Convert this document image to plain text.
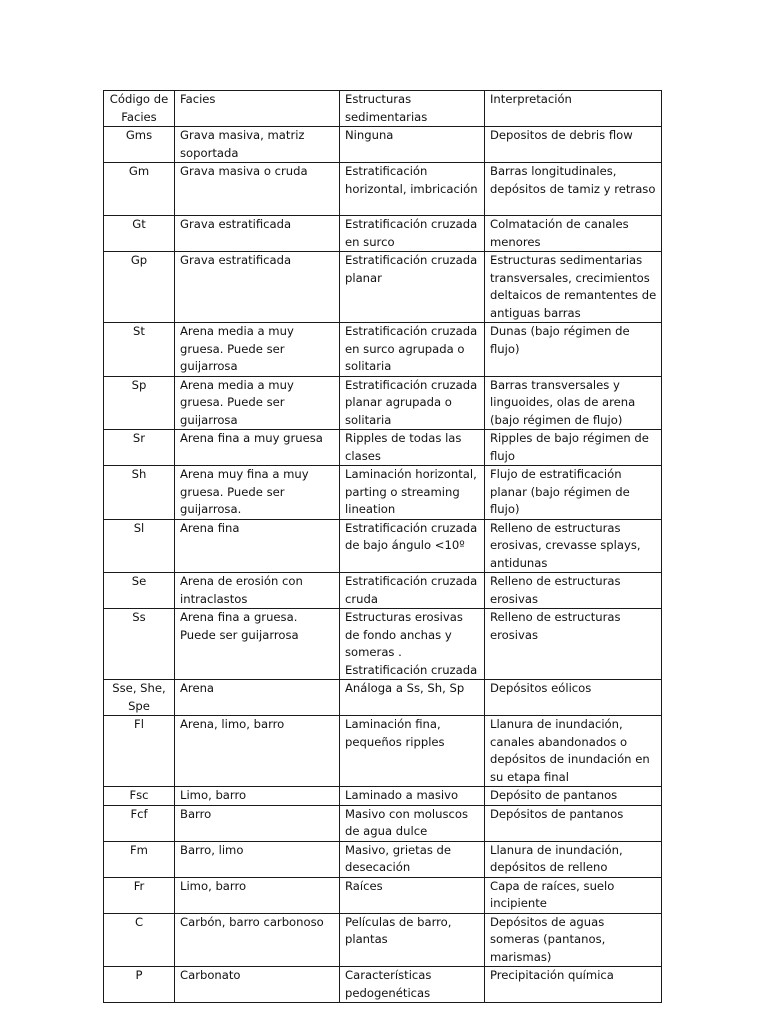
Código de Facies	Facies	Estructuras sedimentarias	Interpretación
Gms	Grava masiva, matriz soportada	Ninguna	Depositos de debris flow
Gm	Grava masiva o cruda	Estratificación horizontal, imbricación	Barras longitudinales, depósitos de tamiz y retraso
Gt	Grava estratificada	Estratificación cruzada en surco	Colmatación de canales menores
Gp	Grava estratificada	Estratificación cruzada planar	Estructuras sedimentarias transversales, crecimientos deltaicos de remantentes de antiguas barras
St	Arena media a muy gruesa. Puede ser guijarrosa	Estratificación cruzada en surco agrupada o solitaria	Dunas (bajo régimen de flujo)
Sp	Arena media a muy gruesa. Puede ser guijarrosa	Estratificación cruzada planar agrupada o solitaria	Barras transversales y linguoides, olas de arena (bajo régimen de flujo)
Sr	Arena fina a muy gruesa	Ripples de todas las clases	Ripples de bajo régimen de flujo
Sh	Arena muy fina a muy gruesa. Puede ser guijarrosa.	Laminación horizontal, parting o streaming lineation	Flujo de estratificación planar (bajo régimen de flujo)
Sl	Arena fina	Estratificación cruzada de bajo ángulo <10º	Relleno de estructuras erosivas, crevasse splays, antidunas
Se	Arena de erosión con intraclastos	Estratificación cruzada cruda	Relleno de estructuras erosivas
Ss	Arena fina a gruesa. Puede ser guijarrosa	Estructuras erosivas de fondo anchas y someras . Estratificación cruzada	Relleno de estructuras erosivas
Sse, She, Spe	Arena	Análoga a Ss, Sh, Sp	Depósitos eólicos
Fl	Arena, limo, barro	Laminación fina, pequeños ripples	Llanura de inundación, canales abandonados o depósitos de inundación en su etapa final
Fsc	Limo, barro	Laminado a masivo	Depósito de pantanos
Fcf	Barro	Masivo con moluscos de agua dulce	Depósitos de pantanos
Fm	Barro, limo	Masivo, grietas de desecación	Llanura de inundación, depósitos de relleno
Fr	Limo, barro	Raíces	Capa de raíces, suelo incipiente
C	Carbón, barro carbonoso	Películas de barro, plantas	Depósitos de aguas someras (pantanos, marismas)
P	Carbonato	Características pedogenéticas	Precipitación química
